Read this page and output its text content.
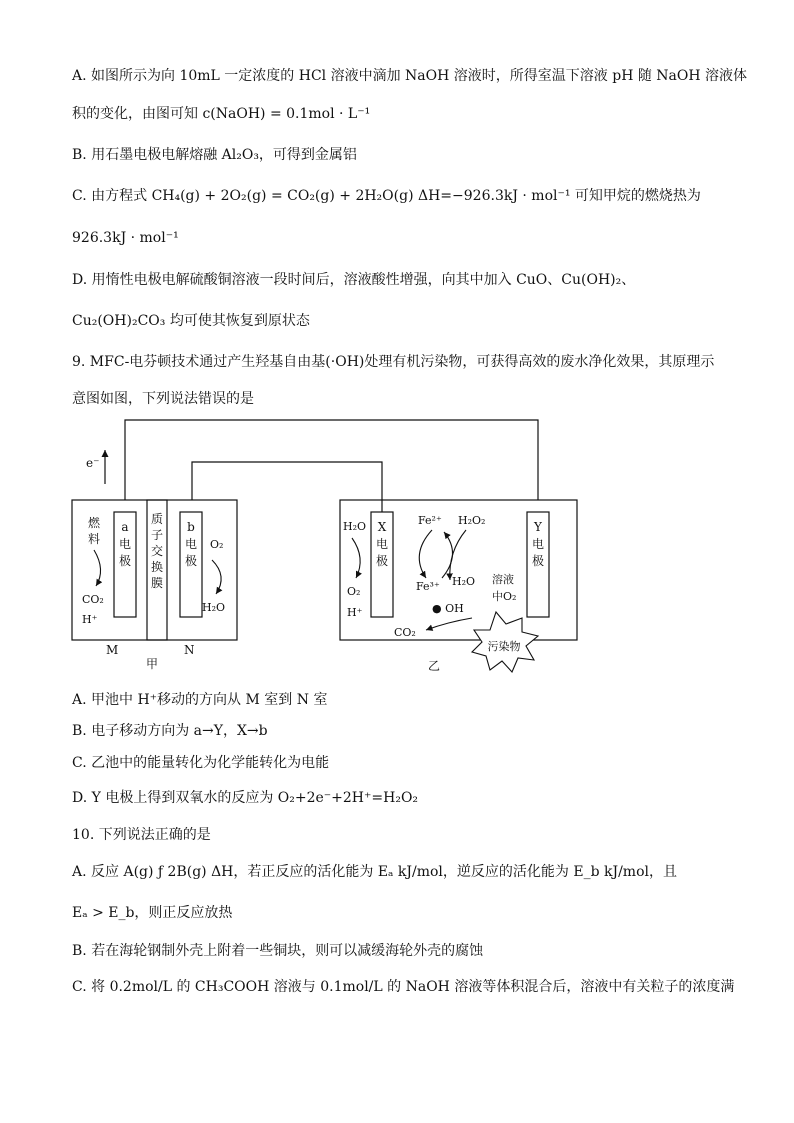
A. 如图所示为向 10mL 一定浓度的 HCl 溶液中滴加 NaOH 溶液时，所得室温下溶液 pH 随 NaOH 溶液体
积的变化，由图可知 c(NaOH) = 0.1mol · L⁻¹
B. 用石墨电极电解熔融 Al₂O₃，可得到金属铝
C. 由方程式 CH₄(g) + 2O₂(g) = CO₂(g) + 2H₂O(g) ΔH=−926.3kJ · mol⁻¹ 可知甲烷的燃烧热为
926.3kJ · mol⁻¹
D. 用惰性电极电解硫酸铜溶液一段时间后，溶液酸性增强，向其中加入 CuO、Cu(OH)₂、
Cu₂(OH)₂CO₃ 均可使其恢复到原状态
9. MFC-电芬顿技术通过产生羟基自由基(·OH)处理有机污染物，可获得高效的废水净化效果，其原理示
意图如图，下列说法错误的是
e⁻
a
电
极
质
子
交
换
膜
b
电
极
燃
料
CO₂
H⁺
O₂
H₂O
M	N
甲
X
电
极
Y
电
极
H₂O
O₂
H⁺
Fe²⁺ H₂O₂
Fe³⁺ H₂O
● OH
CO₂
溶液
中O₂
污染物
乙
A. 甲池中 H⁺移动的方向从 M 室到 N 室
B. 电子移动方向为 a→Y，X→b
C. 乙池中的能量转化为化学能转化为电能
D. Y 电极上得到双氧水的反应为 O₂+2e⁻+2H⁺=H₂O₂
10. 下列说法正确的是
A. 反应 A(g) ƒ 2B(g) ΔH，若正反应的活化能为 Eₐ kJ/mol，逆反应的活化能为 E_b kJ/mol，且
Eₐ > E_b，则正反应放热
B. 若在海轮钢制外壳上附着一些铜块，则可以减缓海轮外壳的腐蚀
C. 将 0.2mol/L 的 CH₃COOH 溶液与 0.1mol/L 的 NaOH 溶液等体积混合后，溶液中有关粒子的浓度满
